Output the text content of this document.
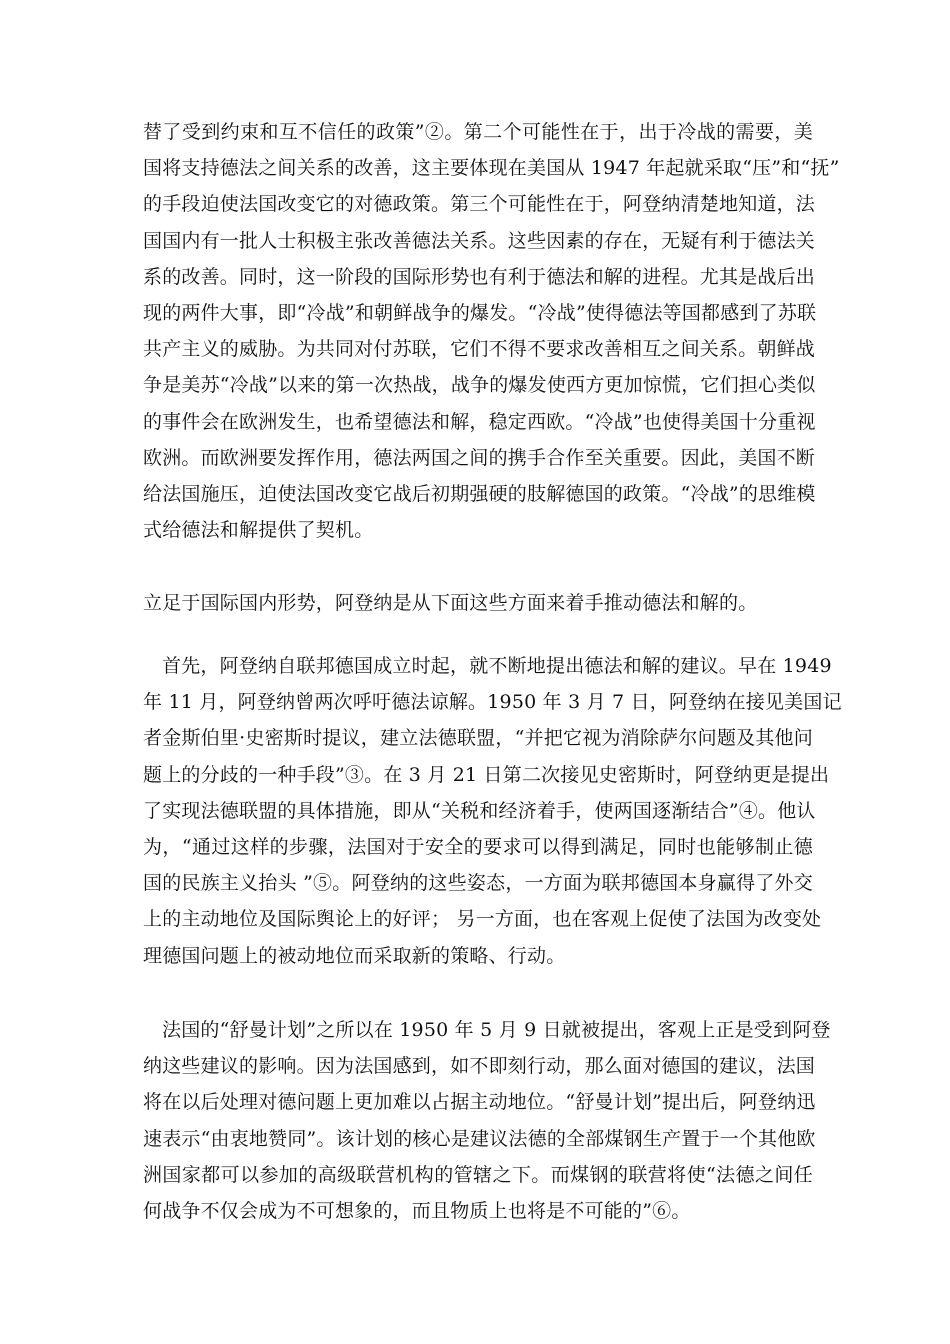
替了受到约束和互不信任的政策”②。第二个可能性在于，出于冷战的需要，美
国将支持德法之间关系的改善，这主要体现在美国从 1947 年起就采取“压”和“抚”
的手段迫使法国改变它的对德政策。第三个可能性在于，阿登纳清楚地知道，法
国国内有一批人士积极主张改善德法关系。这些因素的存在，无疑有利于德法关
系的改善。同时，这一阶段的国际形势也有利于德法和解的进程。尤其是战后出
现的两件大事，即“冷战”和朝鲜战争的爆发。“冷战”使得德法等国都感到了苏联
共产主义的威胁。为共同对付苏联，它们不得不要求改善相互之间关系。朝鲜战
争是美苏“冷战”以来的第一次热战，战争的爆发使西方更加惊慌，它们担心类似
的事件会在欧洲发生，也希望德法和解，稳定西欧。“冷战”也使得美国十分重视
欧洲。而欧洲要发挥作用，德法两国之间的携手合作至关重要。因此，美国不断
给法国施压，迫使法国改变它战后初期强硬的肢解德国的政策。“冷战”的思维模
式给德法和解提供了契机。
立足于国际国内形势，阿登纳是从下面这些方面来着手推动德法和解的。
首先，阿登纳自联邦德国成立时起，就不断地提出德法和解的建议。早在 1949
年 11 月，阿登纳曾两次呼吁德法谅解。1950 年 3 月 7 日，阿登纳在接见美国记
者金斯伯里·史密斯时提议，建立法德联盟，“并把它视为消除萨尔问题及其他问
题上的分歧的一种手段”③。在 3 月 21 日第二次接见史密斯时，阿登纳更是提出
了实现法德联盟的具体措施，即从“关税和经济着手，使两国逐渐结合”④。他认
为，“通过这样的步骤，法国对于安全的要求可以得到满足，同时也能够制止德
国的民族主义抬头 ”⑤。阿登纳的这些姿态，一方面为联邦德国本身赢得了外交
上的主动地位及国际舆论上的好评； 另一方面，也在客观上促使了法国为改变处
理德国问题上的被动地位而采取新的策略、行动。
法国的“舒曼计划”之所以在 1950 年 5 月 9 日就被提出，客观上正是受到阿登
纳这些建议的影响。因为法国感到，如不即刻行动，那么面对德国的建议，法国
将在以后处理对德问题上更加难以占据主动地位。“舒曼计划”提出后，阿登纳迅
速表示“由衷地赞同”。该计划的核心是建议法德的全部煤钢生产置于一个其他欧
洲国家都可以参加的高级联营机构的管辖之下。而煤钢的联营将使“法德之间任
何战争不仅会成为不可想象的，而且物质上也将是不可能的”⑥。
